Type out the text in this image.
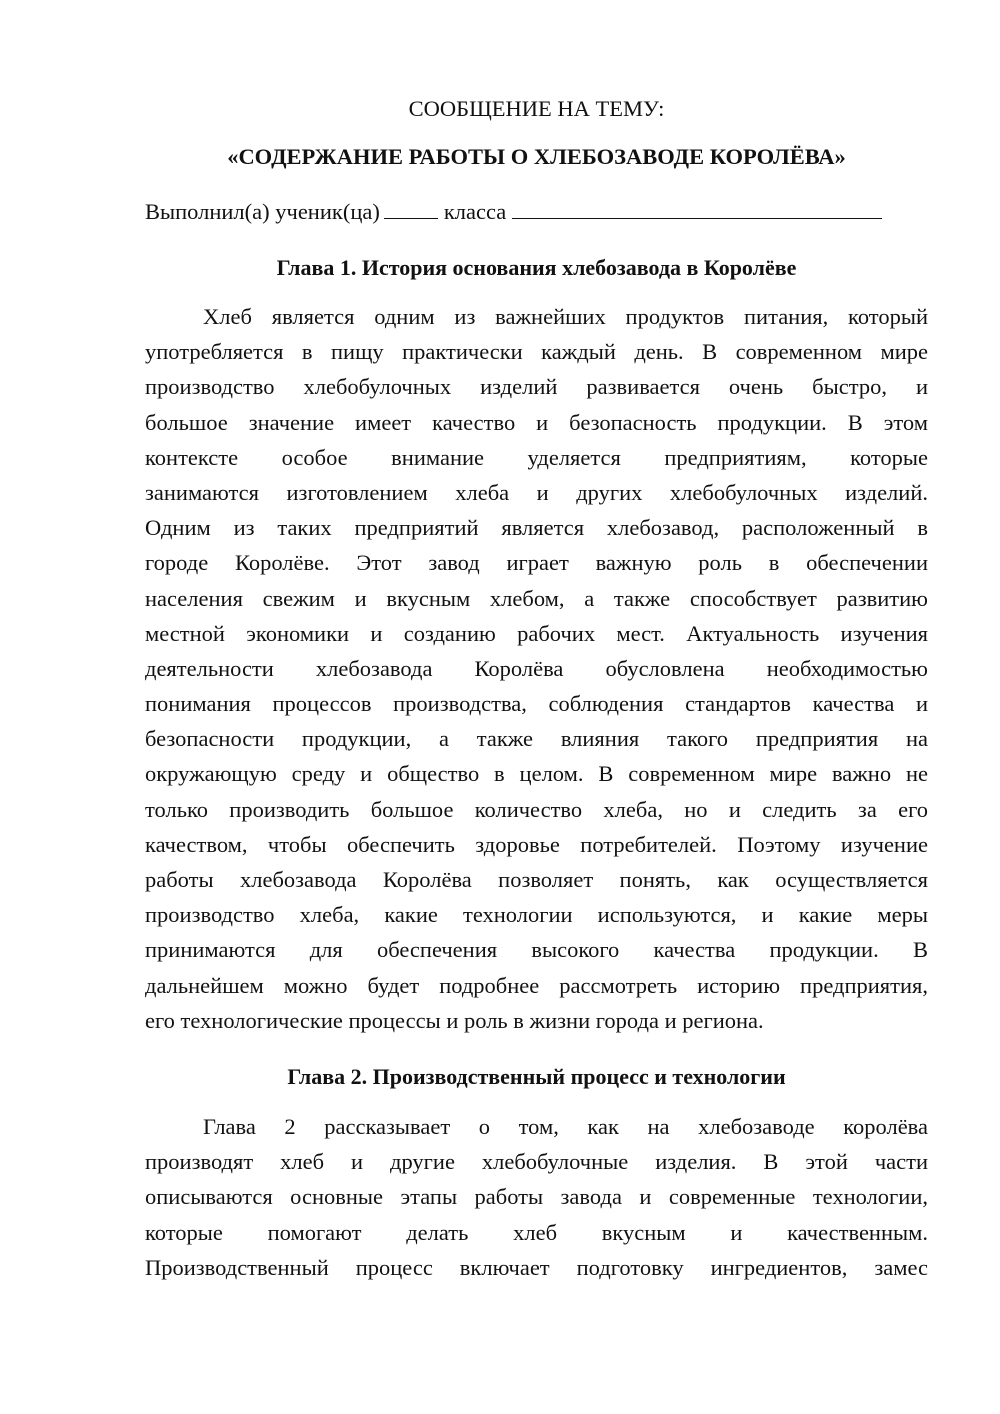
СООБЩЕНИЕ НА ТЕМУ:
«СОДЕРЖАНИЕ РАБОТЫ О ХЛЕБОЗАВОДЕ КОРОЛЁВА»
Выполнил(а) ученик(ца)	класса
Глава 1. История основания хлебозавода в Королёве
Хлеб является одним из важнейших продуктов питания, который
употребляется в пищу практически каждый день. В современном мире
производство хлебобулочных изделий развивается очень быстро, и
большое значение имеет качество и безопасность продукции. В этом
контексте особое внимание уделяется предприятиям, которые
занимаются изготовлением хлеба и других хлебобулочных изделий.
Одним из таких предприятий является хлебозавод, расположенный в
городе Королёве. Этот завод играет важную роль в обеспечении
населения свежим и вкусным хлебом, а также способствует развитию
местной экономики и созданию рабочих мест. Актуальность изучения
деятельности хлебозавода Королёва обусловлена необходимостью
понимания процессов производства, соблюдения стандартов качества и
безопасности продукции, а также влияния такого предприятия на
окружающую среду и общество в целом. В современном мире важно не
только производить большое количество хлеба, но и следить за его
качеством, чтобы обеспечить здоровье потребителей. Поэтому изучение
работы хлебозавода Королёва позволяет понять, как осуществляется
производство хлеба, какие технологии используются, и какие меры
принимаются для обеспечения высокого качества продукции. В
дальнейшем можно будет подробнее рассмотреть историю предприятия,
его технологические процессы и роль в жизни города и региона.
Глава 2. Производственный процесс и технологии
Глава 2 рассказывает о том, как на хлебозаводе королёва
производят хлеб и другие хлебобулочные изделия. В этой части
описываются основные этапы работы завода и современные технологии,
которые помогают делать хлеб вкусным и качественным.
Производственный процесс включает подготовку ингредиентов, замес
